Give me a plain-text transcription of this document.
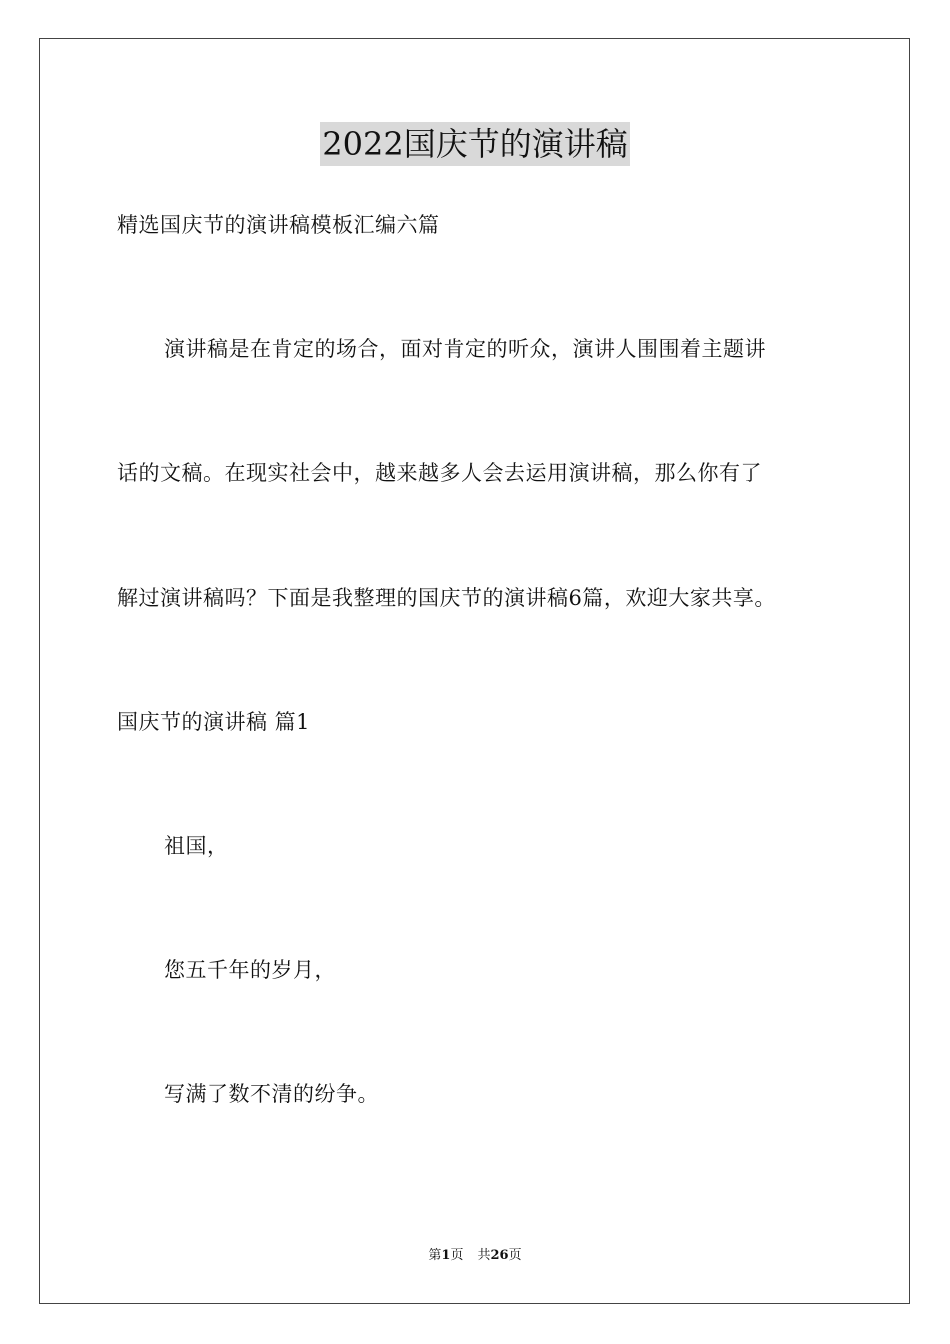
2022国庆节的演讲稿
精选国庆节的演讲稿模板汇编六篇
演讲稿是在肯定的场合，面对肯定的听众，演讲人围围着主题讲
话的文稿。在现实社会中，越来越多人会去运用演讲稿，那么你有了
解过演讲稿吗？下面是我整理的国庆节的演讲稿6篇，欢迎大家共享。
国庆节的演讲稿 篇1
祖国，
您五千年的岁月，
写满了数不清的纷争。
第1页 共26页
